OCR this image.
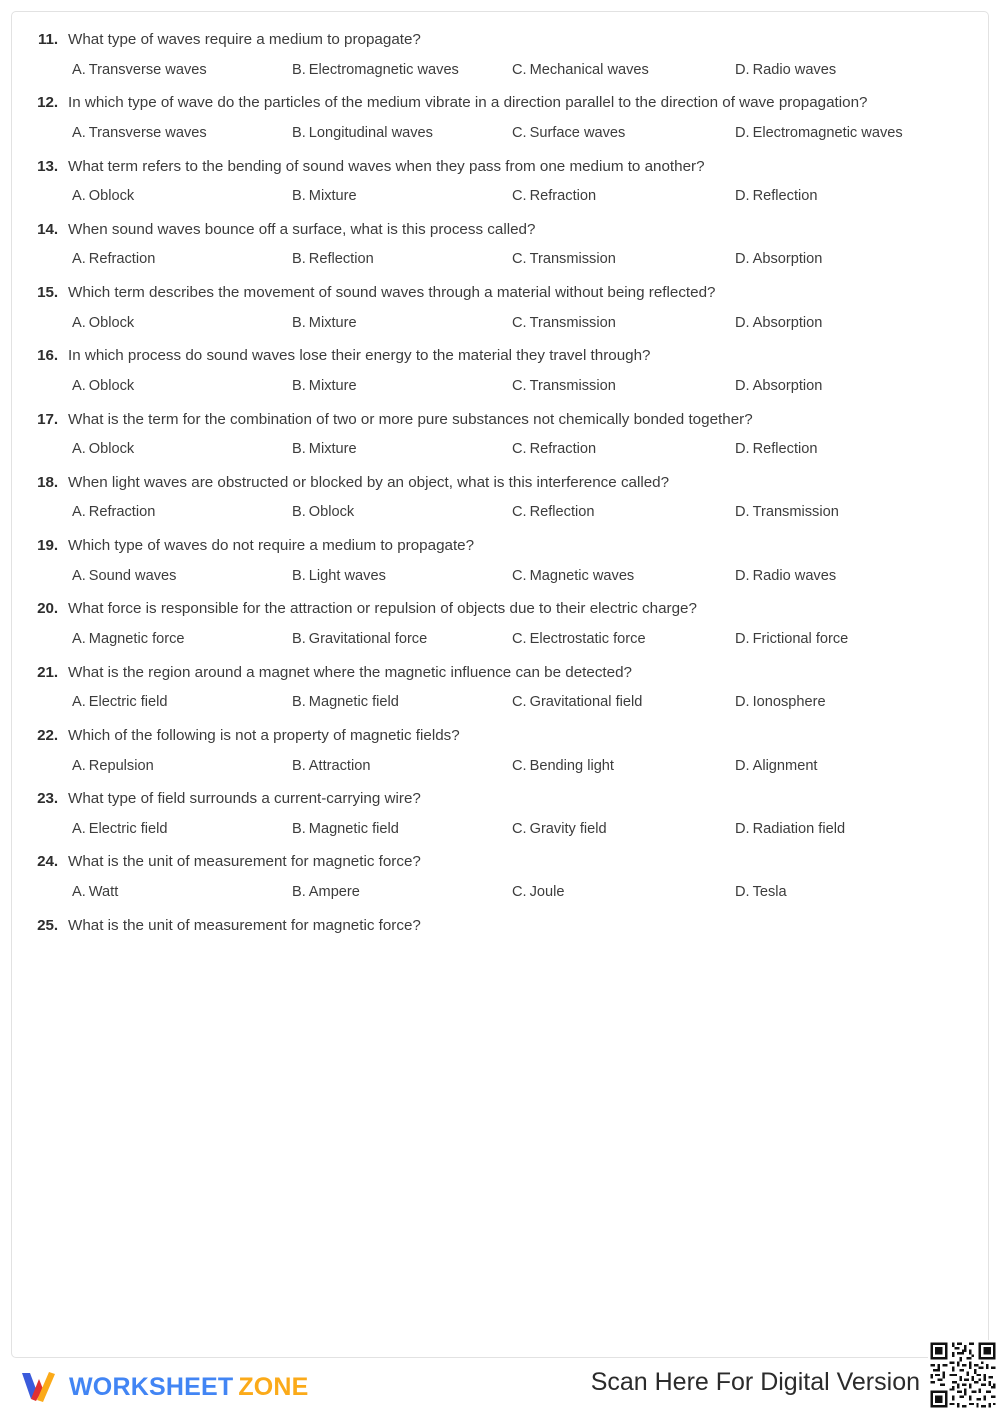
11. What type of waves require a medium to propagate?
A. Transverse waves	B. Electromagnetic waves	C. Mechanical waves	D. Radio waves
12. In which type of wave do the particles of the medium vibrate in a direction parallel to the direction of wave propagation?
A. Transverse waves	B. Longitudinal waves	C. Surface waves	D. Electromagnetic waves
13. What term refers to the bending of sound waves when they pass from one medium to another?
A. Oblock	B. Mixture	C. Refraction	D. Reflection
14. When sound waves bounce off a surface, what is this process called?
A. Refraction	B. Reflection	C. Transmission	D. Absorption
15. Which term describes the movement of sound waves through a material without being reflected?
A. Oblock	B. Mixture	C. Transmission	D. Absorption
16. In which process do sound waves lose their energy to the material they travel through?
A. Oblock	B. Mixture	C. Transmission	D. Absorption
17. What is the term for the combination of two or more pure substances not chemically bonded together?
A. Oblock	B. Mixture	C. Refraction	D. Reflection
18. When light waves are obstructed or blocked by an object, what is this interference called?
A. Refraction	B. Oblock	C. Reflection	D. Transmission
19. Which type of waves do not require a medium to propagate?
A. Sound waves	B. Light waves	C. Magnetic waves	D. Radio waves
20. What force is responsible for the attraction or repulsion of objects due to their electric charge?
A. Magnetic force	B. Gravitational force	C. Electrostatic force	D. Frictional force
21. What is the region around a magnet where the magnetic influence can be detected?
A. Electric field	B. Magnetic field	C. Gravitational field	D. Ionosphere
22. Which of the following is not a property of magnetic fields?
A. Repulsion	B. Attraction	C. Bending light	D. Alignment
23. What type of field surrounds a current-carrying wire?
A. Electric field	B. Magnetic field	C. Gravity field	D. Radiation field
24. What is the unit of measurement for magnetic force?
A. Watt	B. Ampere	C. Joule	D. Tesla
25. What is the unit of measurement for magnetic force?
WORKSHEET ZONE	Scan Here For Digital Version
